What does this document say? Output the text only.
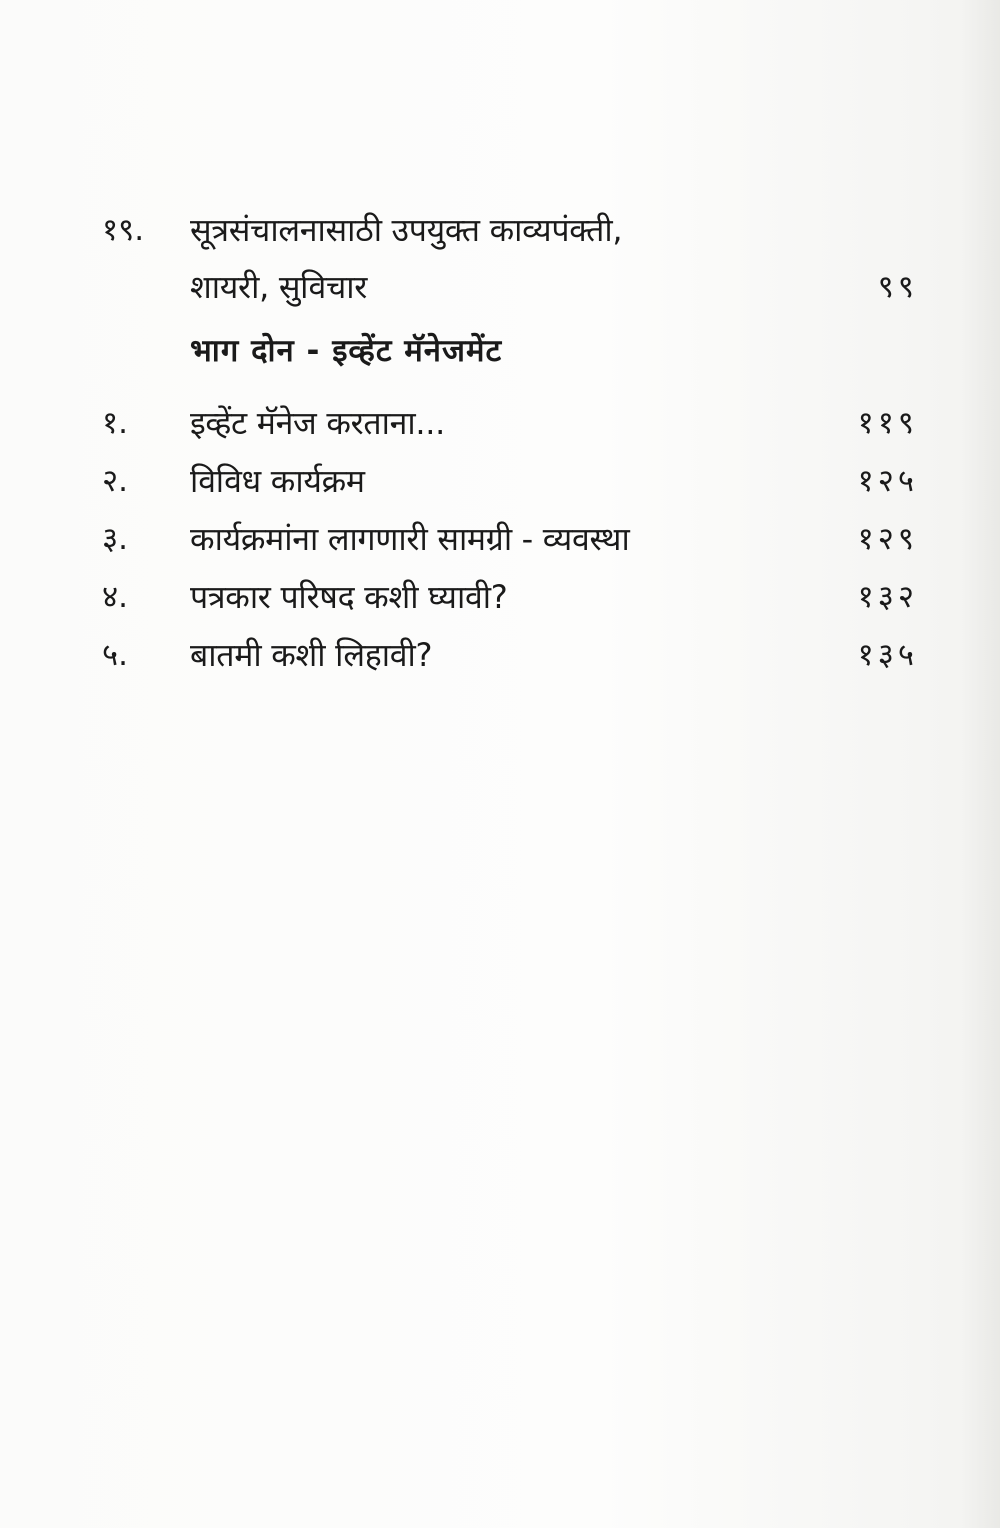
१९. सूत्रसंचालनासाठी उपयुक्त काव्यपंक्ती,
शायरी, सुविचार	९९
भाग दोन - इव्हेंट मॅनेजमेंट
१. इव्हेंट मॅनेज करताना...	११९
२. विविध कार्यक्रम	१२५
३. कार्यक्रमांना लागणारी सामग्री - व्यवस्था	१२९
४. पत्रकार परिषद कशी घ्यावी?	१३२
५. बातमी कशी लिहावी?	१३५
